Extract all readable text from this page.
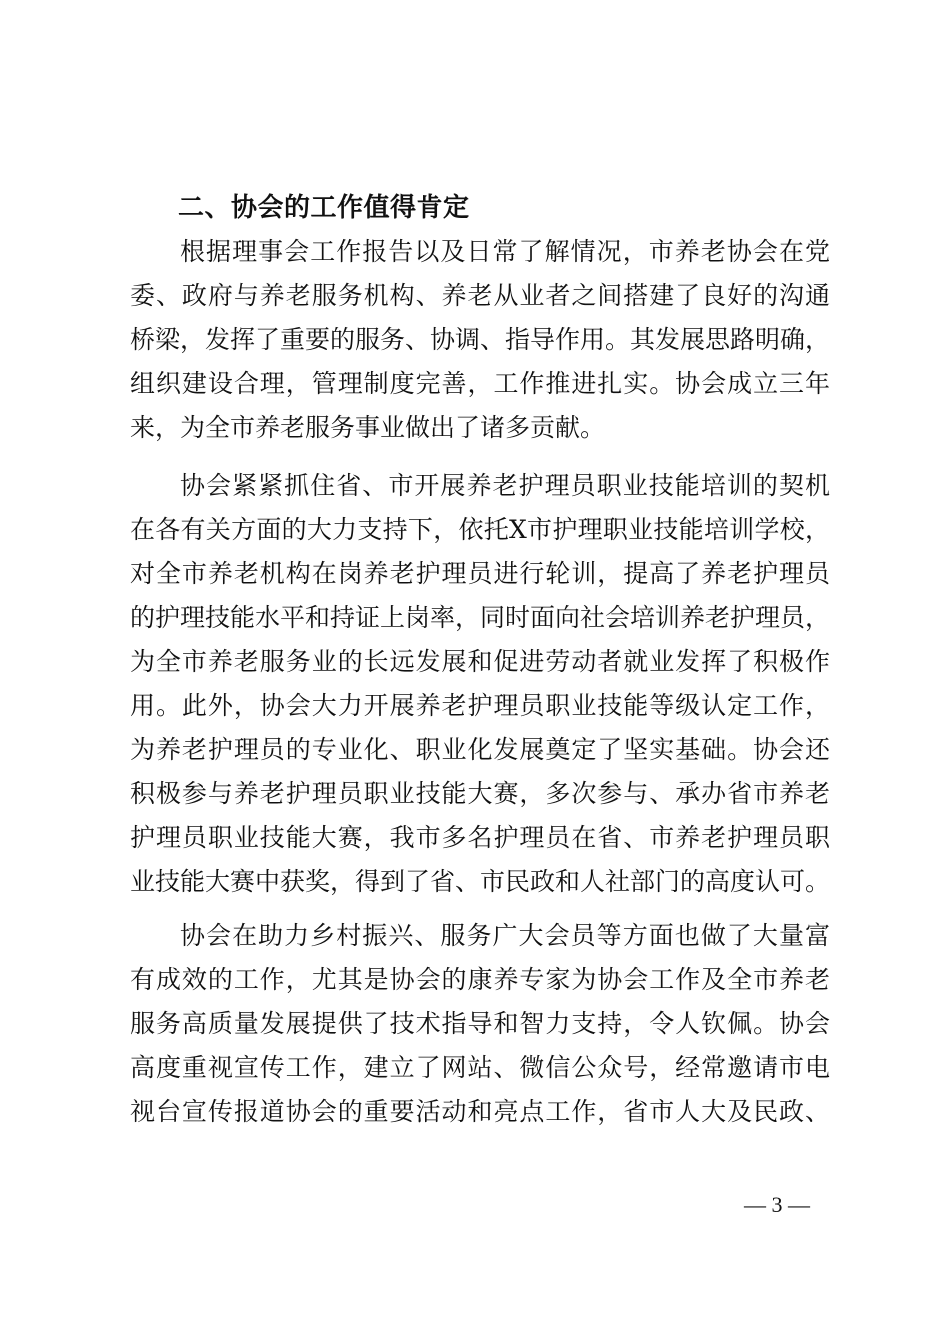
二、协会的工作值得肯定
根据理事会工作报告以及日常了解情况，市养老协会在党
委、政府与养老服务机构、养老从业者之间搭建了良好的沟通
桥梁，发挥了重要的服务、协调、指导作用。其发展思路明确，
组织建设合理，管理制度完善，工作推进扎实。协会成立三年
来，为全市养老服务事业做出了诸多贡献。
协会紧紧抓住省、市开展养老护理员职业技能培训的契机
在各有关方面的大力支持下，依托X市护理职业技能培训学校，
对全市养老机构在岗养老护理员进行轮训，提高了养老护理员
的护理技能水平和持证上岗率，同时面向社会培训养老护理员，
为全市养老服务业的长远发展和促进劳动者就业发挥了积极作
用。此外，协会大力开展养老护理员职业技能等级认定工作，
为养老护理员的专业化、职业化发展奠定了坚实基础。协会还
积极参与养老护理员职业技能大赛，多次参与、承办省市养老
护理员职业技能大赛，我市多名护理员在省、市养老护理员职
业技能大赛中获奖，得到了省、市民政和人社部门的高度认可。
协会在助力乡村振兴、服务广大会员等方面也做了大量富
有成效的工作，尤其是协会的康养专家为协会工作及全市养老
服务高质量发展提供了技术指导和智力支持，令人钦佩。协会
高度重视宣传工作，建立了网站、微信公众号，经常邀请市电
视台宣传报道协会的重要活动和亮点工作，省市人大及民政、
— 3 —
